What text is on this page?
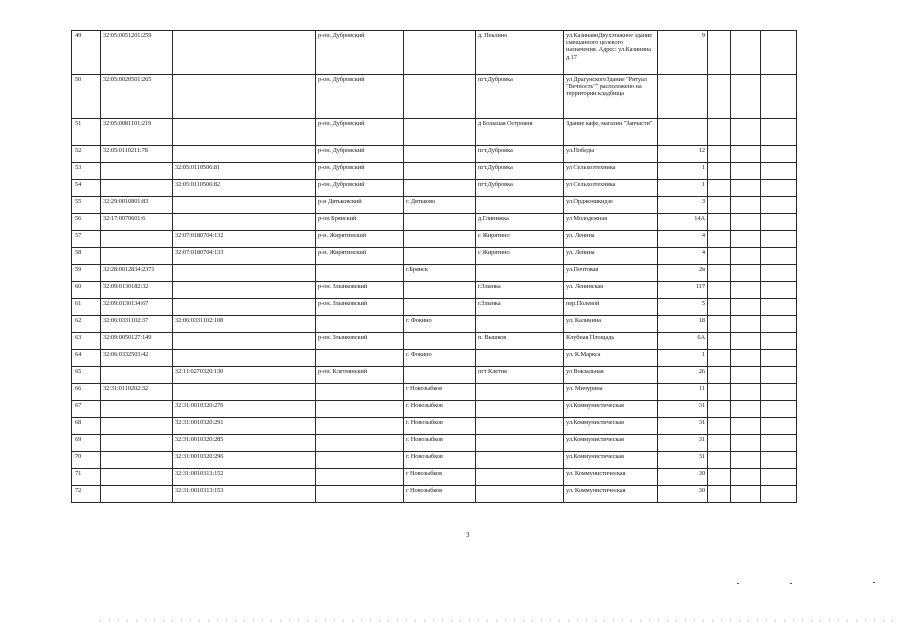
49	32:05:0051201:259		р-он. Дубровский		д. Пеклино	ул.КазинаянДвухэтажное здание смешанного целевого назначения. Адрес: ул.Казинина д.17	9			
50	32:05:0020501:265		р-он. Дубровский		пгт.Дубровка	ул ДрагунскогоЗдание "Ритуал "Вечность"" расположено на территории кладбища				
51	32:05:0081101:219		р-он. Дубровский		д Большая Островня	Здание кафе, магазин "Запчасти"				
52	32:05:0110211:78		р-он. Дубровский		пгт.Дубровка	ул.Победы	12			
53		32:05:0110506:81	р-он. Дубровский		пгт.Дубровка	ул Сельхозтехника	1			
54		32:05:0110506:82	р-он. Дубровский		пгт.Дубровка	ул Сельхозтехника	1			
55	32:29:0010801:83		р-н Дятьковский	г. Дятьково		ул.Орджоникидзе	3			
56	32:17:0070601:6		р-он Брянский		д.Глинижка	ул Молодежная	14А			
57		32:07:0180704:132	р-н. Жирятинский		с Жирятино	ул. Ленина	4			
58		32:07:0180704:133	р-н. Жирятинский		с Жирятино	ул. Ленина	4			
59	32:28:0012834:2371			г.Брянск		ул.Почтовая	2в			
60	32:09:0130182:32		р-он. Злынковский		г.Злынка	ул. Ленинская	117			
61	32:09:0130134:67		р-он. Злынковский		г.Злынка	пер.Полевой	5			
62	32:06:0331102:37	32:06:0331102:108		г. Фокино		ул. Калинина	18			
63	32:09:0050127:149		р-он. Злынковский		п. Вышков	Клубная Площадь	6А			
64	32:06:0332503:42			г. Фокино		ул. К.Маркса	1			
65		32:11:0270320:130	р-он. Клетнянский		пгт Клетня	ул Вокзальная	26			
66	32:31:0110202:32			г Новозыбков		ул. Мичурина	11			
67		32:31:0010320:270		г. Новозыбков		ул.Коммунистическая	31			
68		32:31:0010320:291		г. Новозыбков		ул.Коммунистическая	31			
69		32:31:0010320:285		г. Новозыбков		ул.Коммунистическая	31			
70		32:31:0010320:296		г. Новозыбков		ул.Коммунистическая	31			
71		32:31:0010313:152		г Новозыбков		ул. Коммунистическая	30			
72		32:31:0010313:153		г Новозыбков		ул. Коммунистическая	30			
3
